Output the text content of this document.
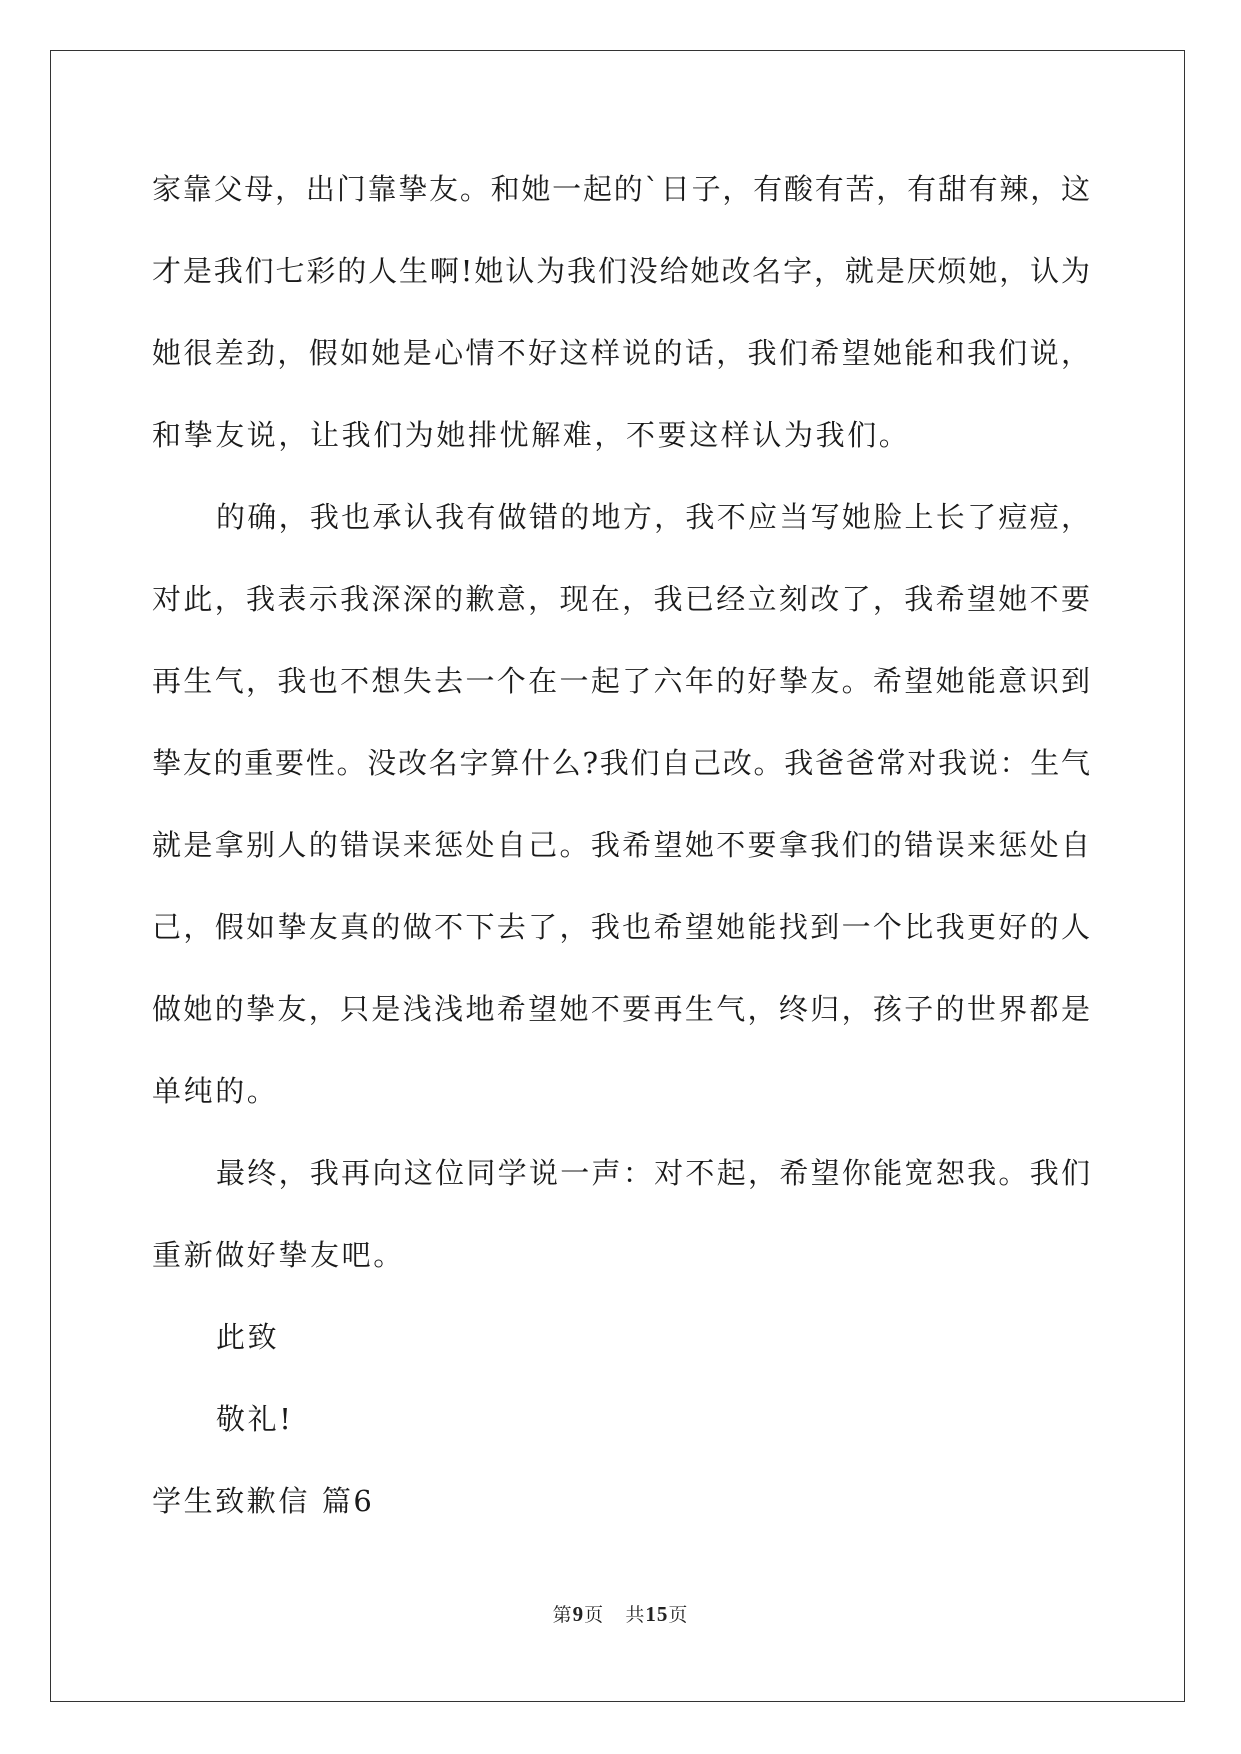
家靠父母，出门靠挚友。和她一起的`日子，有酸有苦，有甜有辣，这
才是我们七彩的人生啊!她认为我们没给她改名字，就是厌烦她，认为
她很差劲，假如她是心情不好这样说的话，我们希望她能和我们说，
和挚友说，让我们为她排忧解难，不要这样认为我们。
的确，我也承认我有做错的地方，我不应当写她脸上长了痘痘，
对此，我表示我深深的歉意，现在，我已经立刻改了，我希望她不要
再生气，我也不想失去一个在一起了六年的好挚友。希望她能意识到
挚友的重要性。没改名字算什么?我们自己改。我爸爸常对我说：生气
就是拿别人的错误来惩处自己。我希望她不要拿我们的错误来惩处自
己，假如挚友真的做不下去了，我也希望她能找到一个比我更好的人
做她的挚友，只是浅浅地希望她不要再生气，终归，孩子的世界都是
单纯的。
最终，我再向这位同学说一声：对不起，希望你能宽恕我。我们
重新做好挚友吧。
此致
敬礼!
学生致歉信 篇6
第9页 共15页
